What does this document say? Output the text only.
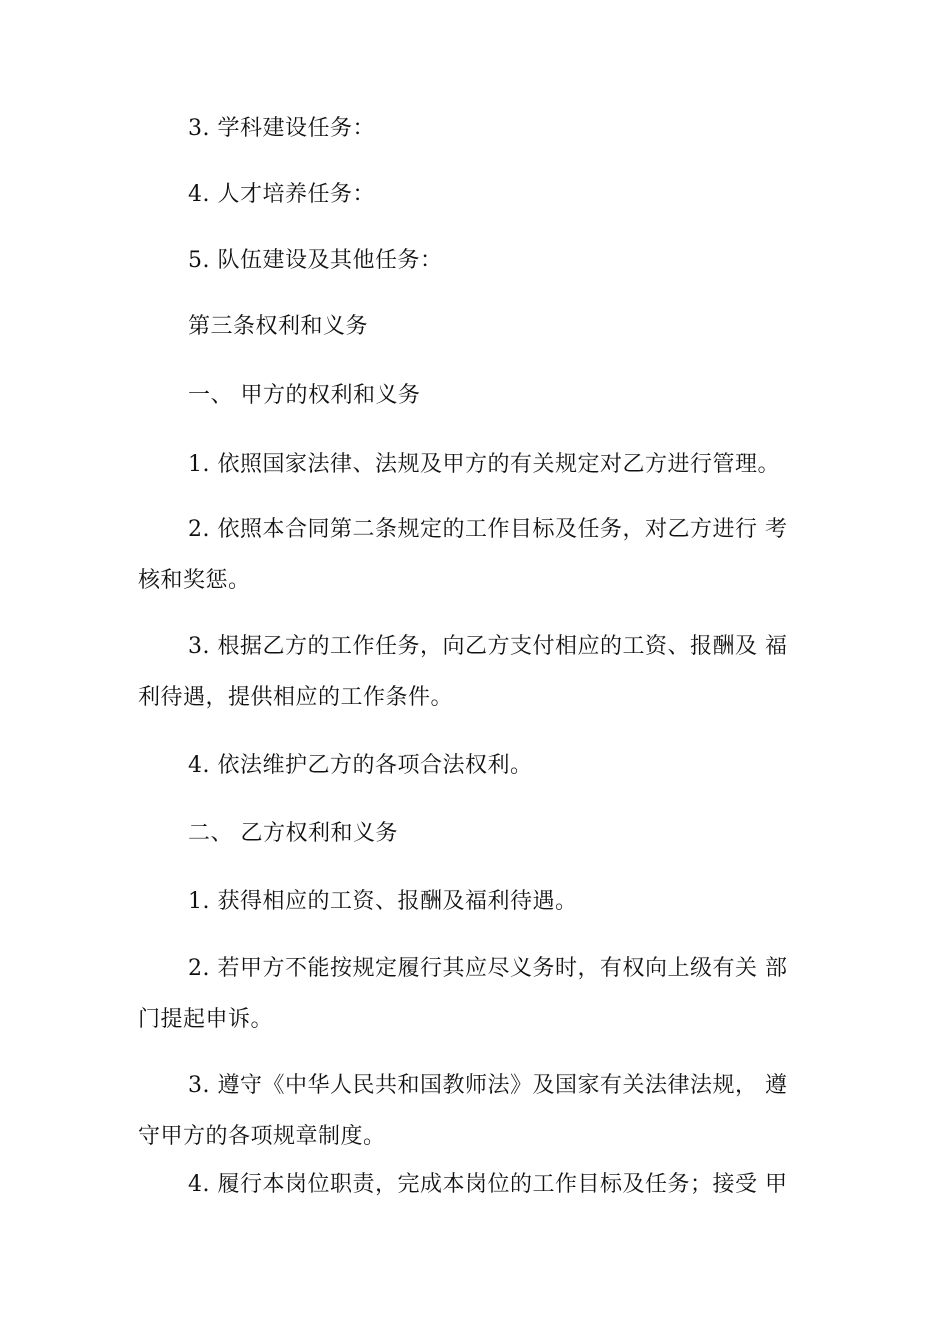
3. 学科建设任务：
4. 人才培养任务：
5. 队伍建设及其他任务：
第三条权利和义务
一、 甲方的权利和义务
1. 依照国家法律、法规及甲方的有关规定对乙方进行管理。
2. 依照本合同第二条规定的工作目标及任务，对乙方进行 考
核和奖惩。
3. 根据乙方的工作任务，向乙方支付相应的工资、报酬及 福
利待遇，提供相应的工作条件。
4. 依法维护乙方的各项合法权利。
二、 乙方权利和义务
1. 获得相应的工资、报酬及福利待遇。
2. 若甲方不能按规定履行其应尽义务时，有权向上级有关 部
门提起申诉。
3. 遵守《中华人民共和国教师法》及国家有关法律法规， 遵
守甲方的各项规章制度。
4. 履行本岗位职责，完成本岗位的工作目标及任务；接受 甲
